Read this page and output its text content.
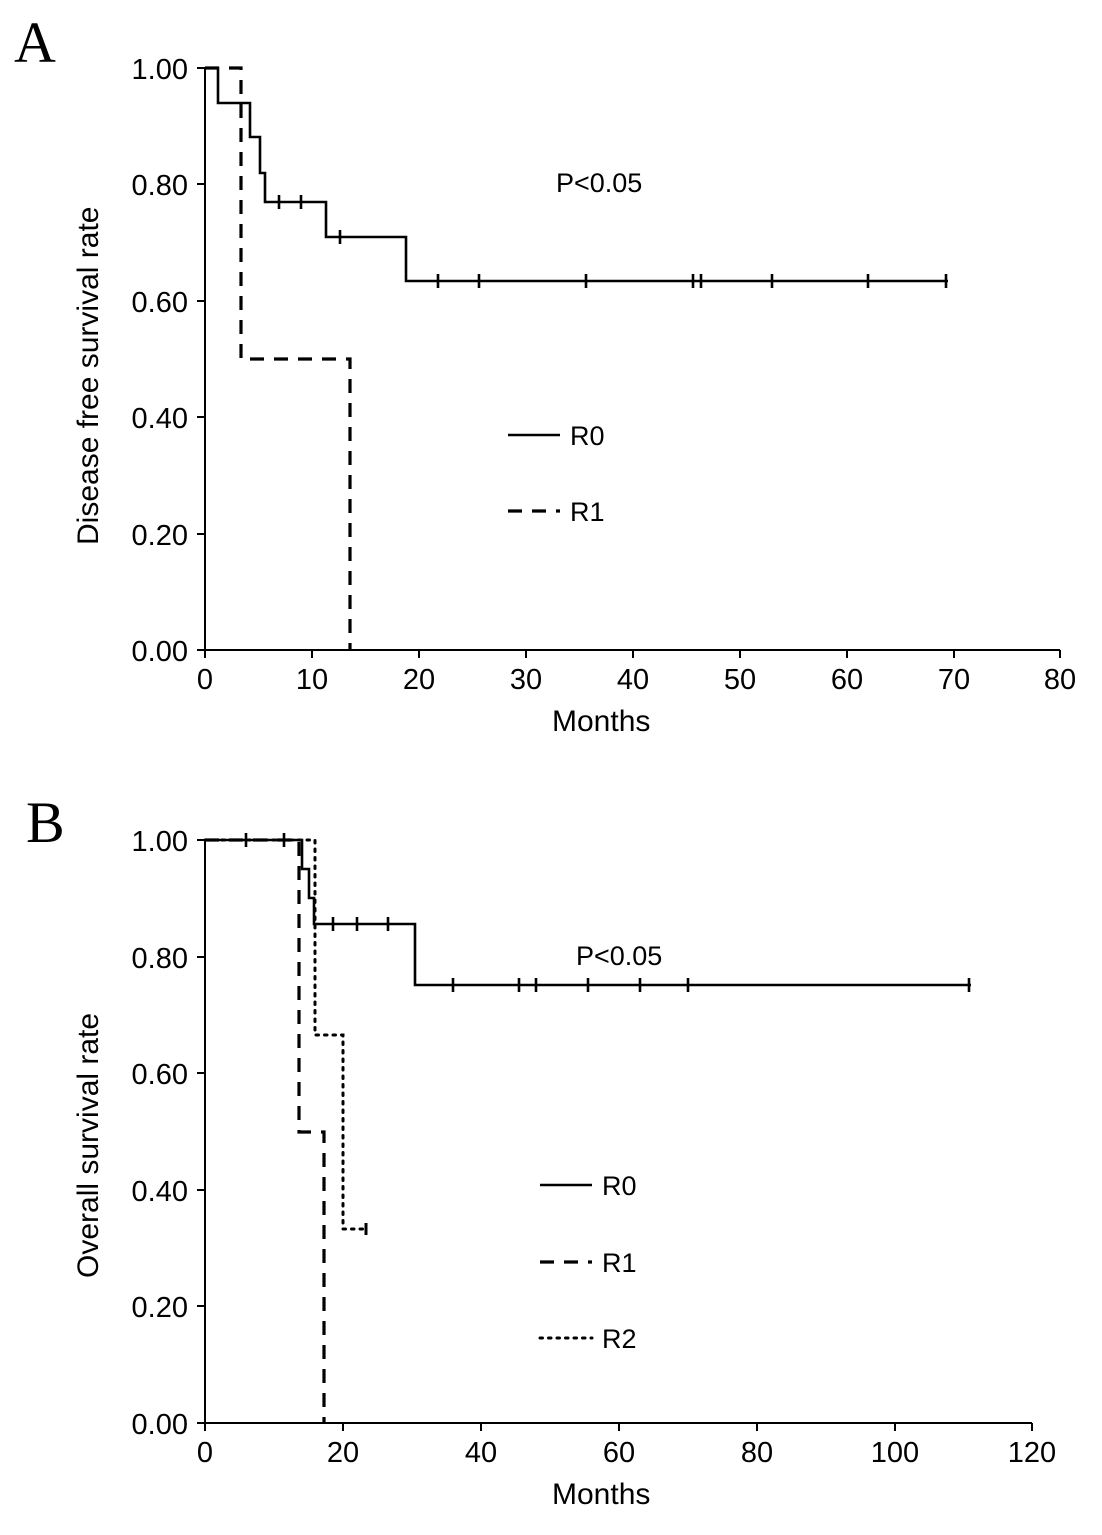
A
Disease free survival rate
1.00
0.80
0.60
0.40
0.20
0.00
0	10	20	30	40	50	60	70	80
Months
P<0.05
R0
R1
B
Overall survival rate
1.00
0.80
0.60
0.40
0.20
0.00
0	20	40	60	80	100	120
Months
P<0.05
R0
R1
R2
